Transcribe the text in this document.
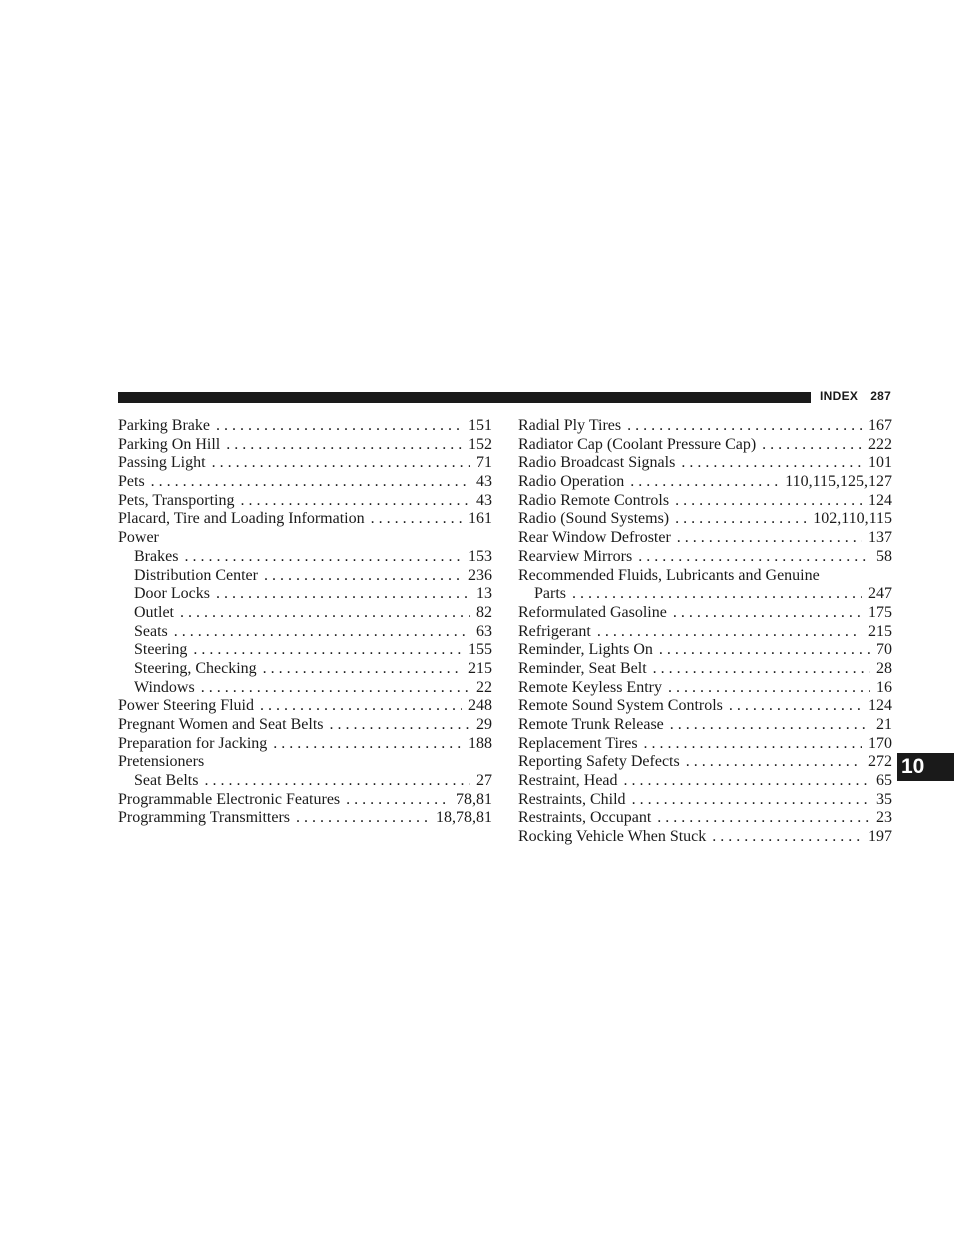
INDEX 287
Parking Brake . . .	151
Parking On Hill . . .	152
Passing Light . . .	71
Pets . . .	43
Pets, Transporting . . .	43
Placard, Tire and Loading Information . . .	161
Power
Brakes . . .	153
Distribution Center . . .	236
Door Locks . . .	13
Outlet . . .	82
Seats . . .	63
Steering . . .	155
Steering, Checking . . .	215
Windows . . .	22
Power Steering Fluid . . .	248
Pregnant Women and Seat Belts . . .	29
Preparation for Jacking . . .	188
Pretensioners
Seat Belts . . .	27
Programmable Electronic Features . . .	78,81
Programming Transmitters . . .	18,78,81
Radial Ply Tires . . .	167
Radiator Cap (Coolant Pressure Cap) . . .	222
Radio Broadcast Signals . . .	101
Radio Operation . . .	110,115,125,127
Radio Remote Controls . . .	124
Radio (Sound Systems) . . .	102,110,115
Rear Window Defroster . . .	137
Rearview Mirrors . . .	58
Recommended Fluids, Lubricants and Genuine
Parts . . .	247
Reformulated Gasoline . . .	175
Refrigerant . . .	215
Reminder, Lights On . . .	70
Reminder, Seat Belt . . .	28
Remote Keyless Entry . . .	16
Remote Sound System Controls . . .	124
Remote Trunk Release . . .	21
Replacement Tires . . .	170
Reporting Safety Defects . . .	272
Restraint, Head . . .	65
Restraints, Child . . .	35
Restraints, Occupant . . .	23
Rocking Vehicle When Stuck . . .	197
10
